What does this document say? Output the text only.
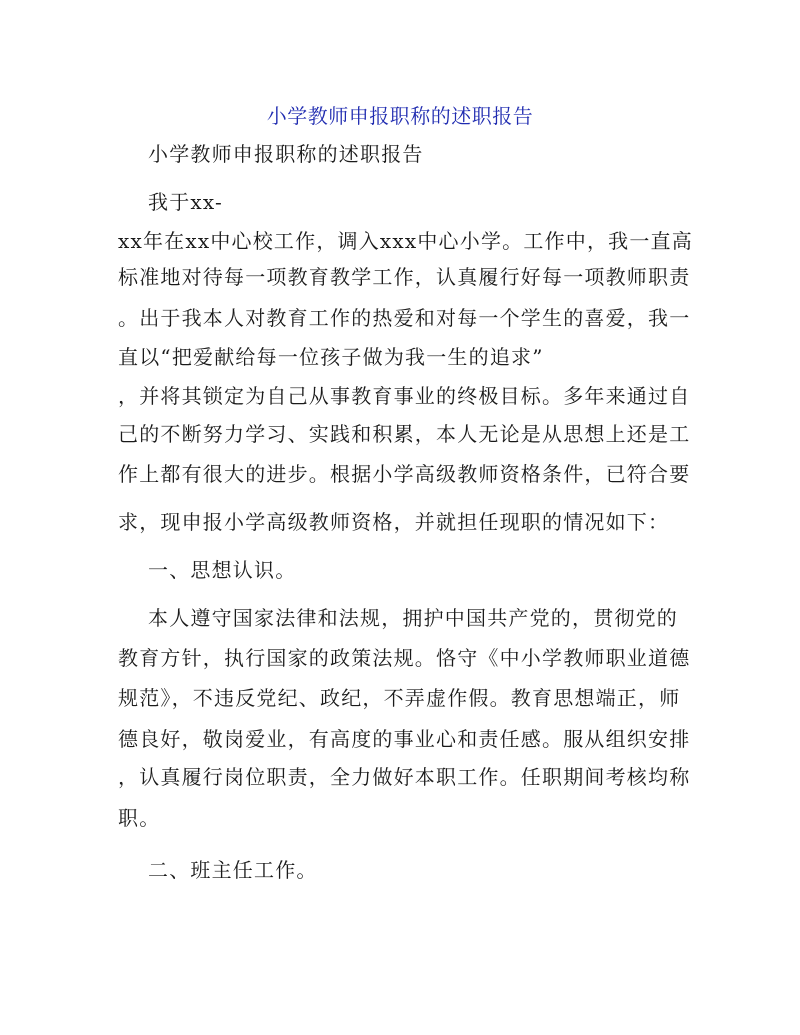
小学教师申报职称的述职报告
小学教师申报职称的述职报告
我于xx-
xx年在xx中心校工作，调入xxx中心小学。工作中，我一直高
标准地对待每一项教育教学工作，认真履行好每一项教师职责
。出于我本人对教育工作的热爱和对每一个学生的喜爱，我一
直以“把爱献给每一位孩子做为我一生的追求”
，并将其锁定为自己从事教育事业的终极目标。多年来通过自
己的不断努力学习、实践和积累，本人无论是从思想上还是工
作上都有很大的进步。根据小学高级教师资格条件，已符合要
求，现申报小学高级教师资格，并就担任现职的情况如下：
一、思想认识。
本人遵守国家法律和法规，拥护中国共产党的，贯彻党的
教育方针，执行国家的政策法规。恪守《中小学教师职业道德
规范》，不违反党纪、政纪，不弄虚作假。教育思想端正，师
德良好，敬岗爱业，有高度的事业心和责任感。服从组织安排
，认真履行岗位职责，全力做好本职工作。任职期间考核均称
职。
二、班主任工作。
